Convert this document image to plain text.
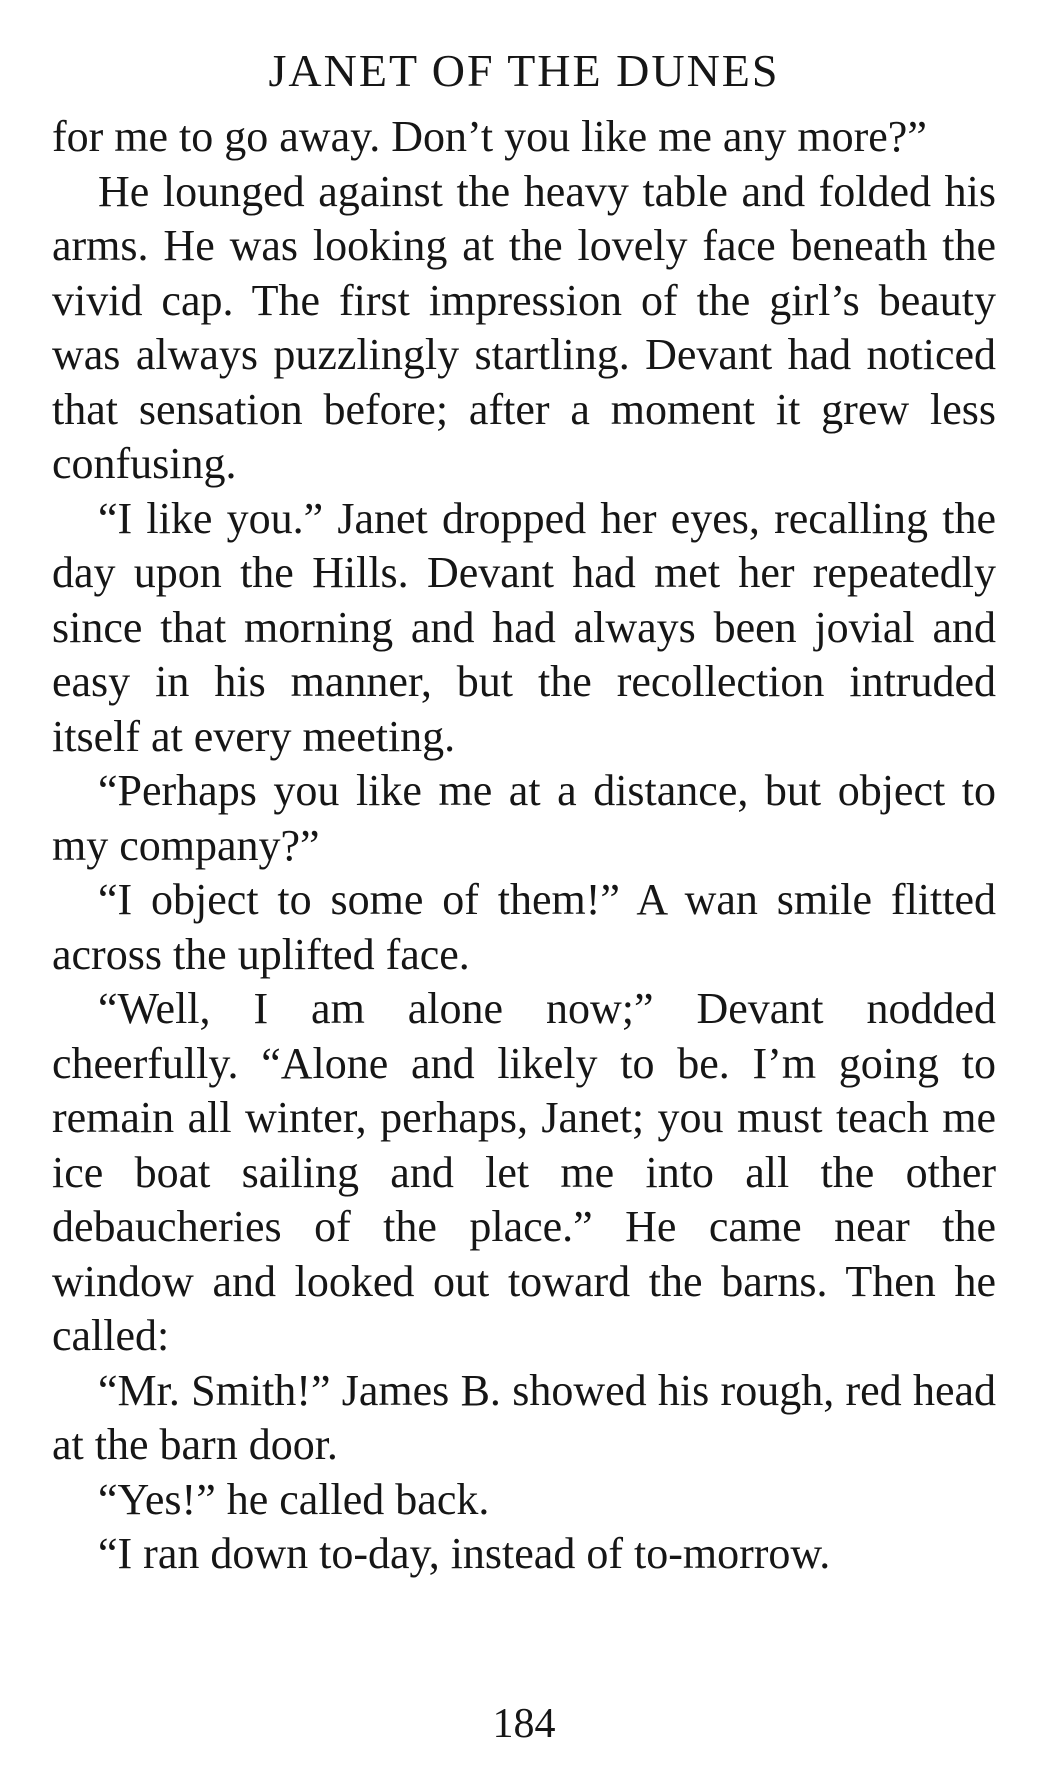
JANET OF THE DUNES

for me to go away. Don’t you like me any more?”

He lounged against the heavy table and folded his arms. He was looking at the lovely face beneath the vivid cap. The first impression of the girl’s beauty was always puzzlingly startling. Devant had noticed that sensation before; after a moment it grew less confusing.

“I like you.” Janet dropped her eyes, recalling the day upon the Hills. Devant had met her repeatedly since that morning and had always been jovial and easy in his manner, but the recollection intruded itself at every meeting.

“Perhaps you like me at a distance, but object to my company?”

“I object to some of them!” A wan smile flitted across the uplifted face.

“Well, I am alone now;” Devant nodded cheerfully. “Alone and likely to be. I’m going to remain all winter, perhaps, Janet; you must teach me ice boat sailing and let me into all the other debaucheries of the place.” He came near the window and looked out toward the barns. Then he called:

“Mr. Smith!” James B. showed his rough, red head at the barn door.

“Yes!” he called back.

“I ran down to-day, instead of to-morrow.

184
